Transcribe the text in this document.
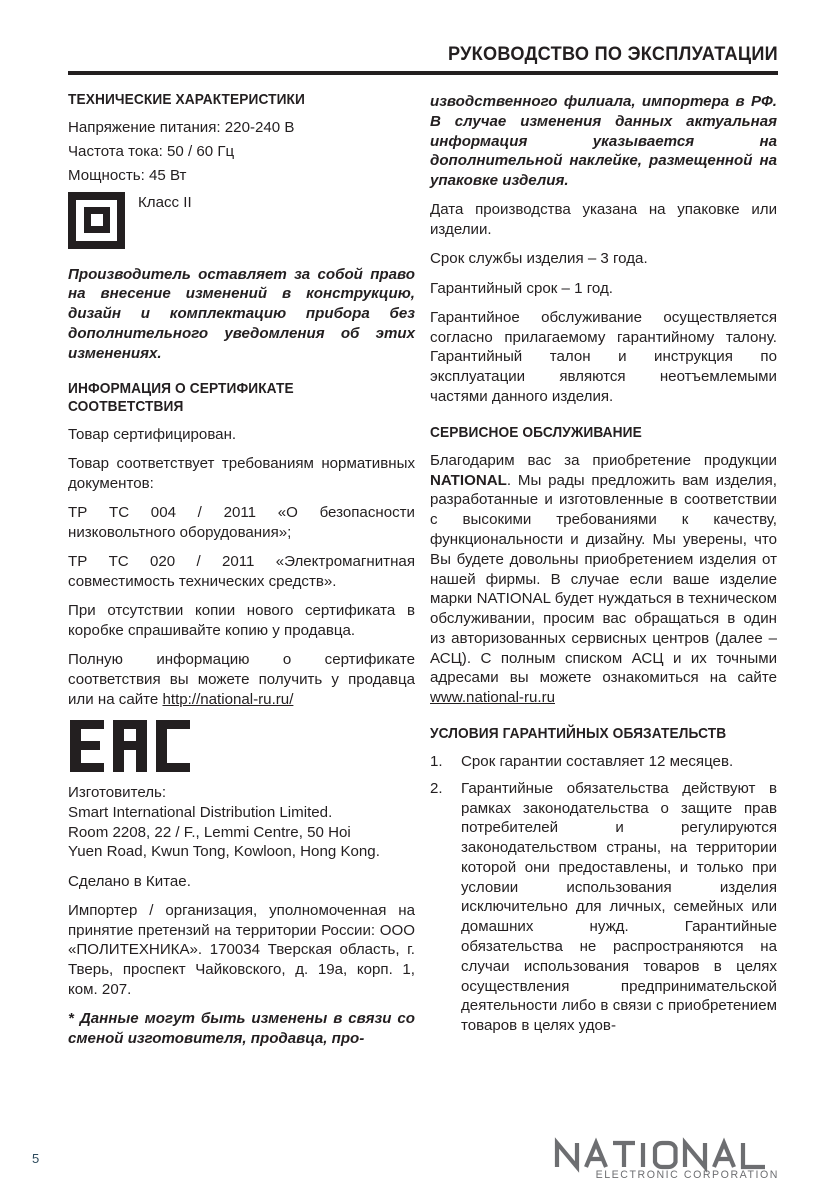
РУКОВОДСТВО ПО ЭКСПЛУАТАЦИИ
ТЕХНИЧЕСКИЕ ХАРАКТЕРИСТИКИ

Напряжение питания: 220-240 В

Частота тока: 50 / 60 Гц

Мощность: 45 Вт

Класс II

Производитель оставляет за собой право на внесение изменений в конструкцию, дизайн и комплектацию прибора без дополнительного уведомления об этих изменениях.

ИНФОРМАЦИЯ О СЕРТИФИКАТЕ СООТВЕТСТВИЯ

Товар сертифицирован.

Товар соответствует требованиям нормативных документов:

ТР ТС 004 / 2011 «О безопасности низковольтного оборудования»;

ТР ТС 020 / 2011 «Электромагнитная совместимость технических средств».

При отсутствии копии нового сертификата в коробке спрашивайте копию у продавца.

Полную информацию о сертификате соответствия вы можете получить у продавца или на сайте http://national-ru.ru/

Изготовитель:
Smart International Distribution Limited.
Room 2208, 22 / F., Lemmi Centre, 50 Hoi
Yuen Road, Kwun Tong, Kowloon, Hong Kong.

Сделано в Китае.

Импортер / организация, уполномоченная на принятие претензий на территории России: ООО «ПОЛИТЕХНИКА». 170034 Тверская область, г. Тверь, проспект Чайковского, д. 19а, корп. 1, ком. 207.

* Данные могут быть изменены в связи со сменой изготовителя, продавца, про-

изводственного филиала, импортера в РФ. В случае изменения данных актуальная информация указывается на дополнительной наклейке, размещенной на упаковке изделия.

Дата производства указана на упаковке или изделии.

Срок службы изделия – 3 года.

Гарантийный срок – 1 год.

Гарантийное обслуживание осуществляется согласно прилагаемому гарантийному талону. Гарантийный талон и инструкция по эксплуатации являются неотъемлемыми частями данного изделия.

СЕРВИСНОЕ ОБСЛУЖИВАНИЕ

Благодарим вас за приобретение продукции NATIONAL. Мы рады предложить вам изделия, разработанные и изготовленные в соответствии с высокими требованиями к качеству, функциональности и дизайну. Мы уверены, что Вы будете довольны приобретением изделия от нашей фирмы. В случае если ваше изделие марки NATIONAL будет нуждаться в техническом обслуживании, просим вас обращаться в один из авторизованных сервисных центров (далее – АСЦ). С полным списком АСЦ и их точными адресами вы можете ознакомиться на сайте www.national-ru.ru

УСЛОВИЯ ГАРАНТИЙНЫХ ОБЯЗАТЕЛЬСТВ
1.	Срок гарантии составляет 12 месяцев.
2.	Гарантийные обязательства действуют в рамках законодательства о защите прав потребителей и регулируются законодательством страны, на территории которой они предоставлены, и только при условии использования изделия исключительно для личных, семейных или домашних нужд. Гарантийные обязательства не распространяются на случаи использования товаров в целях осуществления предпринимательской деятельности либо в связи с приобретением товаров в целях удов-
5
ELECTRONIC CORPORATION
